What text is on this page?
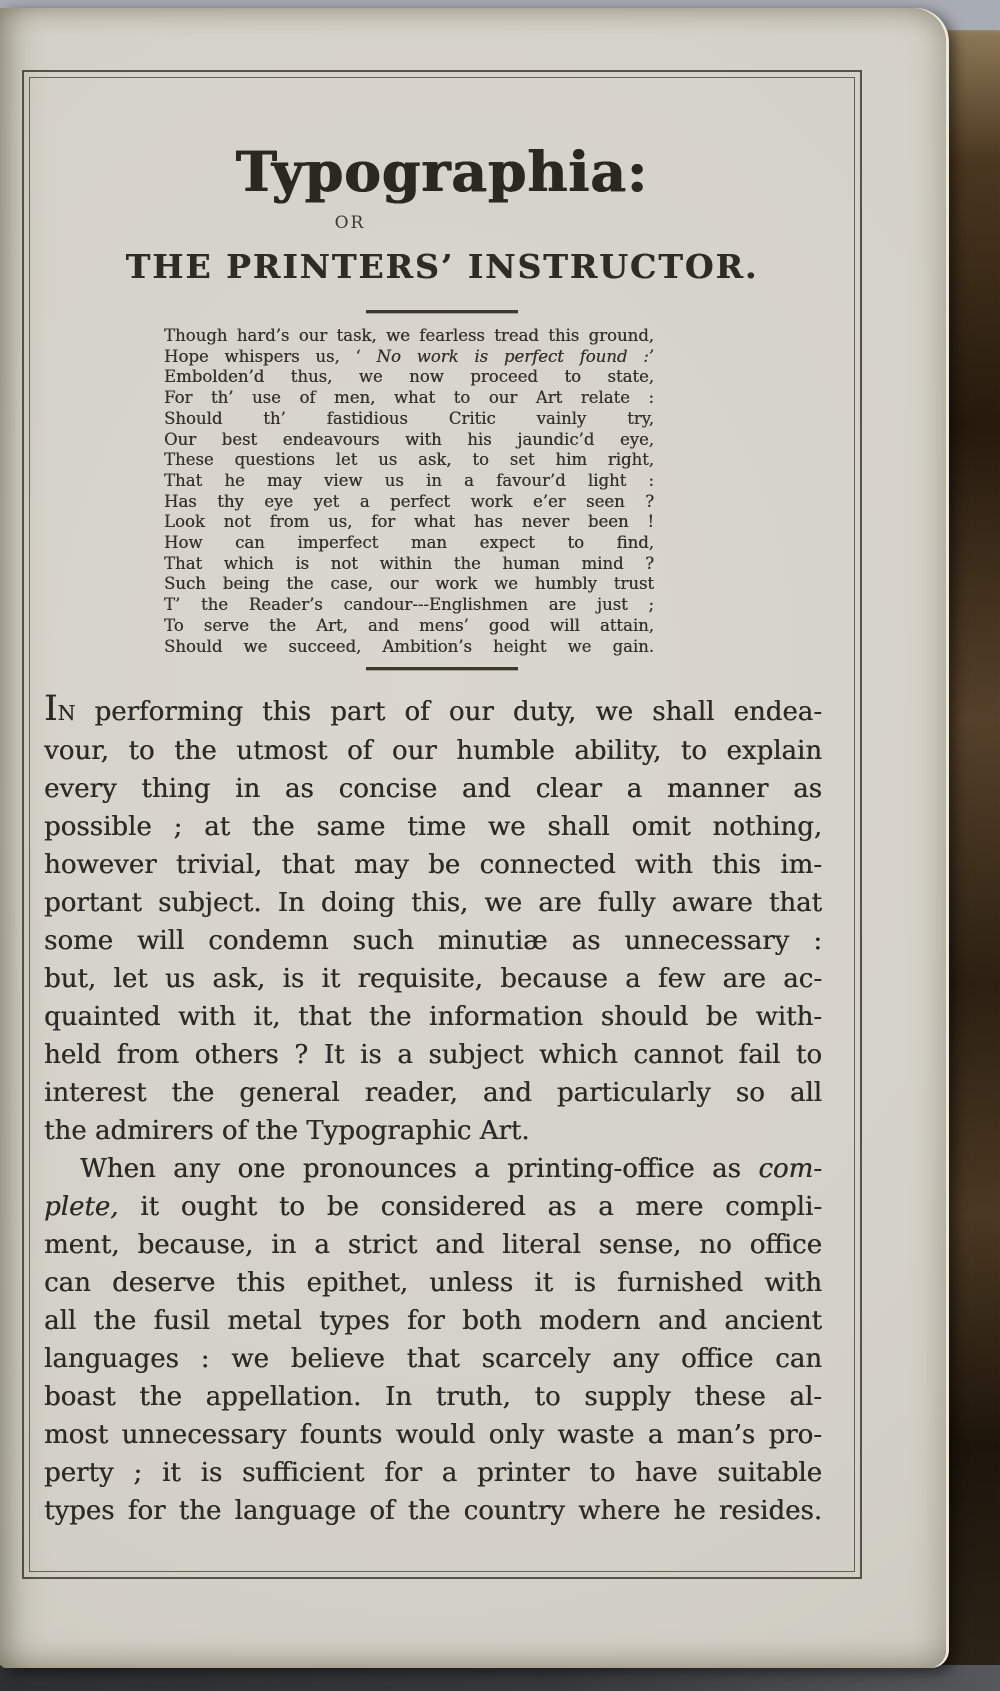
Typographia:
OR
THE PRINTERS’ INSTRUCTOR.
Though hard’s our task, we fearless tread this ground,
Hope whispers us, ‘ No work is perfect found :’
Embolden’d thus, we now proceed to state,
For th’ use of men, what to our Art relate :
Should th’ fastidious Critic vainly try,
Our best endeavours with his jaundic’d eye,
These questions let us ask, to set him right,
That he may view us in a favour’d light :
Has thy eye yet a perfect work e’er seen ?
Look not from us, for what has never been !
How can imperfect man expect to find,
That which is not within the human mind ?
Such being the case, our work we humbly trust
T’ the Reader’s candour---Englishmen are just ;
To serve the Art, and mens’ good will attain,
Should we succeed, Ambition’s height we gain.
IN performing this part of our duty, we shall endea-
vour, to the utmost of our humble ability, to explain
every thing in as concise and clear a manner as
possible ; at the same time we shall omit nothing,
however trivial, that may be connected with this im-
portant subject. In doing this, we are fully aware that
some will condemn such minutiæ as unnecessary :
but, let us ask, is it requisite, because a few are ac-
quainted with it, that the information should be with-
held from others ? It is a subject which cannot fail to
interest the general reader, and particularly so all
the admirers of the Typographic Art.
When any one pronounces a printing-office as com-
plete, it ought to be considered as a mere compli-
ment, because, in a strict and literal sense, no office
can deserve this epithet, unless it is furnished with
all the fusil metal types for both modern and ancient
languages : we believe that scarcely any office can
boast the appellation. In truth, to supply these al-
most unnecessary founts would only waste a man’s pro-
perty ; it is sufficient for a printer to have suitable
types for the language of the country where he resides.
